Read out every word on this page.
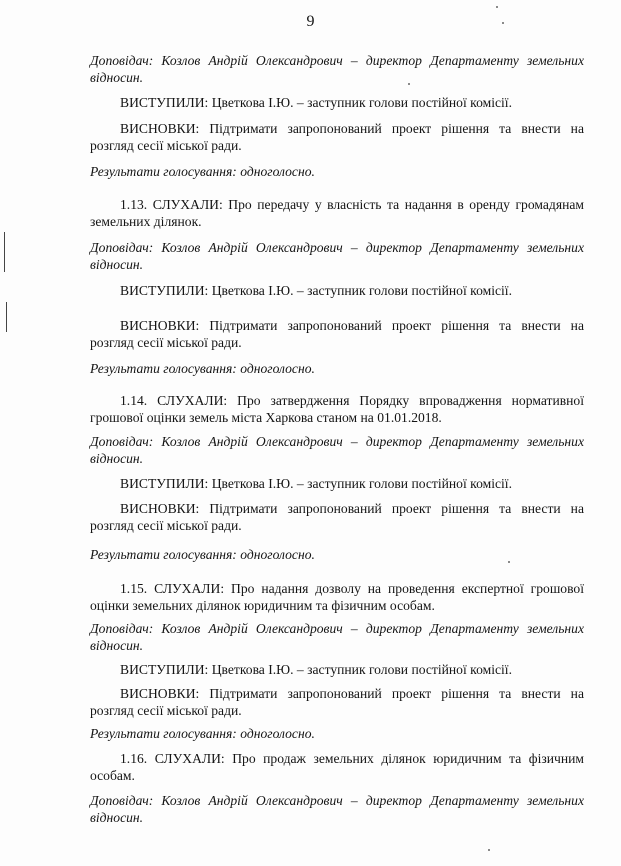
9

Доповідач: Козлов Андрій Олександрович – директор Департаменту земельних відносин.

ВИСТУПИЛИ: Цветкова І.Ю. – заступник голови постійної комісії.

ВИСНОВКИ: Підтримати запропонований проект рішення та внести на розгляд сесії міської ради.

Результати голосування: одноголосно.

1.13. СЛУХАЛИ: Про передачу у власність та надання в оренду громадянам земельних ділянок.

Доповідач: Козлов Андрій Олександрович – директор Департаменту земельних відносин.

ВИСТУПИЛИ: Цветкова І.Ю. – заступник голови постійної комісії.

ВИСНОВКИ: Підтримати запропонований проект рішення та внести на розгляд сесії міської ради.

Результати голосування: одноголосно.

1.14. СЛУХАЛИ: Про затвердження Порядку впровадження нормативної грошової оцінки земель міста Харкова станом на 01.01.2018.

Доповідач: Козлов Андрій Олександрович – директор Департаменту земельних відносин.

ВИСТУПИЛИ: Цветкова І.Ю. – заступник голови постійної комісії.

ВИСНОВКИ: Підтримати запропонований проект рішення та внести на розгляд сесії міської ради.

Результати голосування: одноголосно.

1.15. СЛУХАЛИ: Про надання дозволу на проведення експертної грошової оцінки земельних ділянок юридичним та фізичним особам.

Доповідач: Козлов Андрій Олександрович – директор Департаменту земельних відносин.

ВИСТУПИЛИ: Цветкова І.Ю. – заступник голови постійної комісії.

ВИСНОВКИ: Підтримати запропонований проект рішення та внести на розгляд сесії міської ради.

Результати голосування: одноголосно.

1.16. СЛУХАЛИ: Про продаж земельних ділянок юридичним та фізичним особам.

Доповідач: Козлов Андрій Олександрович – директор Департаменту земельних відносин.
